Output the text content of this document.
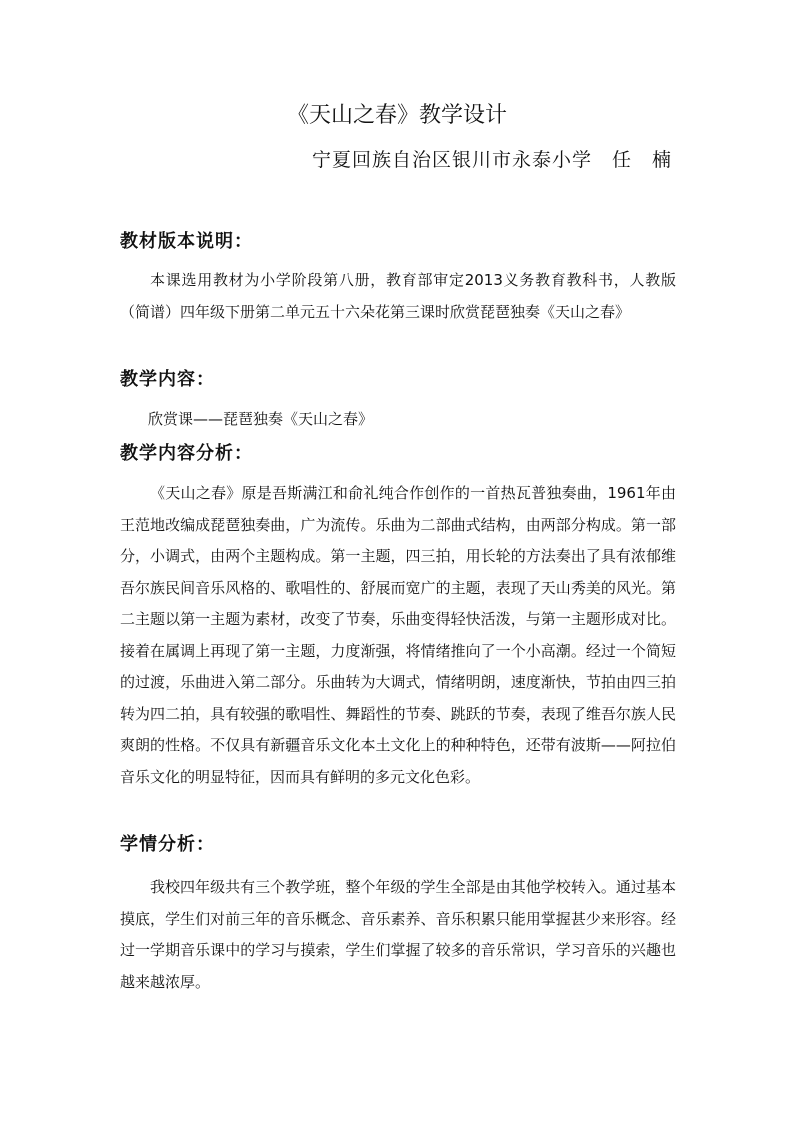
《天山之春》教学设计
宁夏回族自治区银川市永泰小学 任　楠
教材版本说明：
本课选用教材为小学阶段第八册，教育部审定2013义务教育教科书，人教版（简谱）四年级下册第二单元五十六朵花第三课时欣赏琵琶独奏《天山之春》
教学内容：
欣赏课——琵琶独奏《天山之春》
教学内容分析：
《天山之春》原是吾斯满江和俞礼纯合作创作的一首热瓦普独奏曲，1961年由王范地改编成琵琶独奏曲，广为流传。乐曲为二部曲式结构，由两部分构成。第一部分，小调式，由两个主题构成。第一主题，四三拍，用长轮的方法奏出了具有浓郁维吾尔族民间音乐风格的、歌唱性的、舒展而宽广的主题，表现了天山秀美的风光。第二主题以第一主题为素材，改变了节奏，乐曲变得轻快活泼，与第一主题形成对比。接着在属调上再现了第一主题，力度渐强，将情绪推向了一个小高潮。经过一个简短的过渡，乐曲进入第二部分。乐曲转为大调式，情绪明朗，速度渐快，节拍由四三拍转为四二拍，具有较强的歌唱性、舞蹈性的节奏、跳跃的节奏，表现了维吾尔族人民爽朗的性格。不仅具有新疆音乐文化本土文化上的种种特色，还带有波斯——阿拉伯音乐文化的明显特征，因而具有鲜明的多元文化色彩。
学情分析：
我校四年级共有三个教学班，整个年级的学生全部是由其他学校转入。通过基本摸底，学生们对前三年的音乐概念、音乐素养、音乐积累只能用掌握甚少来形容。经过一学期音乐课中的学习与摸索，学生们掌握了较多的音乐常识，学习音乐的兴趣也越来越浓厚。
